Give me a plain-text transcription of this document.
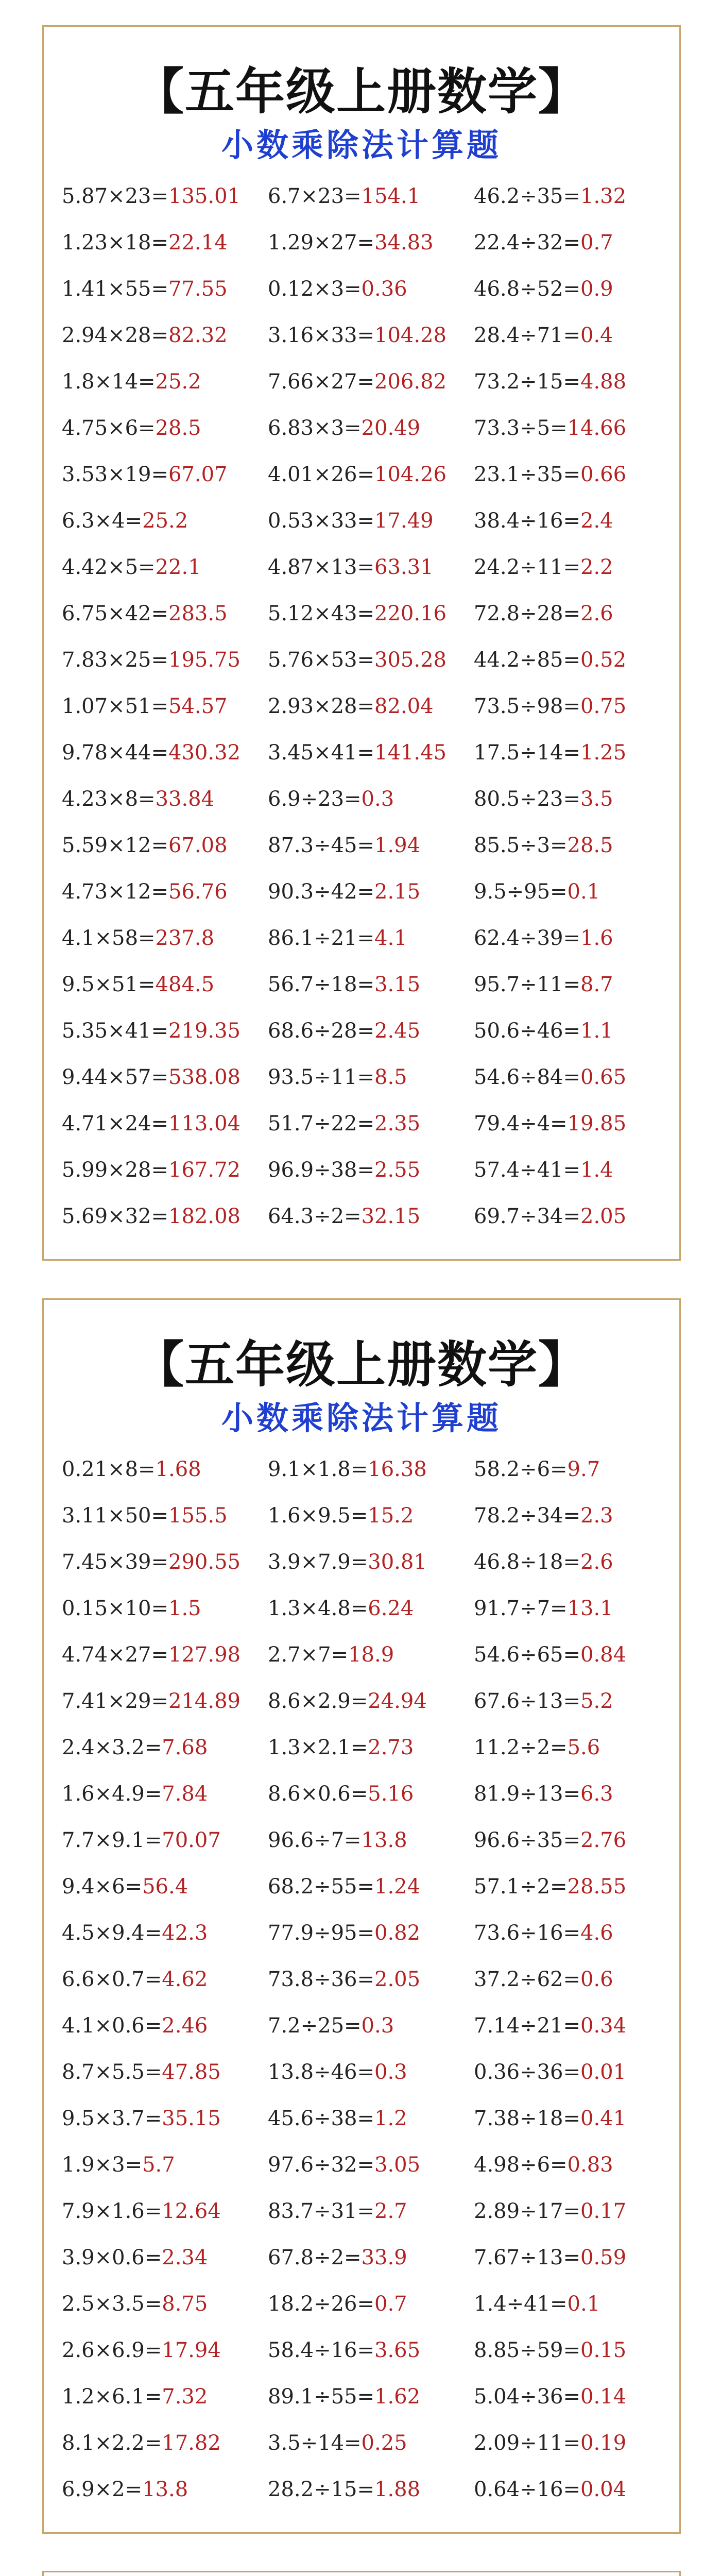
【五年级上册数学】
小数乘除法计算题
5.87×23=135.01
1.23×18=22.14
1.41×55=77.55
2.94×28=82.32
1.8×14=25.2
4.75×6=28.5
3.53×19=67.07
6.3×4=25.2
4.42×5=22.1
6.75×42=283.5
7.83×25=195.75
1.07×51=54.57
9.78×44=430.32
4.23×8=33.84
5.59×12=67.08
4.73×12=56.76
4.1×58=237.8
9.5×51=484.5
5.35×41=219.35
9.44×57=538.08
4.71×24=113.04
5.99×28=167.72
5.69×32=182.08
6.7×23=154.1
1.29×27=34.83
0.12×3=0.36
3.16×33=104.28
7.66×27=206.82
6.83×3=20.49
4.01×26=104.26
0.53×33=17.49
4.87×13=63.31
5.12×43=220.16
5.76×53=305.28
2.93×28=82.04
3.45×41=141.45
6.9÷23=0.3
87.3÷45=1.94
90.3÷42=2.15
86.1÷21=4.1
56.7÷18=3.15
68.6÷28=2.45
93.5÷11=8.5
51.7÷22=2.35
96.9÷38=2.55
64.3÷2=32.15
46.2÷35=1.32
22.4÷32=0.7
46.8÷52=0.9
28.4÷71=0.4
73.2÷15=4.88
73.3÷5=14.66
23.1÷35=0.66
38.4÷16=2.4
24.2÷11=2.2
72.8÷28=2.6
44.2÷85=0.52
73.5÷98=0.75
17.5÷14=1.25
80.5÷23=3.5
85.5÷3=28.5
9.5÷95=0.1
62.4÷39=1.6
95.7÷11=8.7
50.6÷46=1.1
54.6÷84=0.65
79.4÷4=19.85
57.4÷41=1.4
69.7÷34=2.05
【五年级上册数学】
小数乘除法计算题
0.21×8=1.68
3.11×50=155.5
7.45×39=290.55
0.15×10=1.5
4.74×27=127.98
7.41×29=214.89
2.4×3.2=7.68
1.6×4.9=7.84
7.7×9.1=70.07
9.4×6=56.4
4.5×9.4=42.3
6.6×0.7=4.62
4.1×0.6=2.46
8.7×5.5=47.85
9.5×3.7=35.15
1.9×3=5.7
7.9×1.6=12.64
3.9×0.6=2.34
2.5×3.5=8.75
2.6×6.9=17.94
1.2×6.1=7.32
8.1×2.2=17.82
6.9×2=13.8
9.1×1.8=16.38
1.6×9.5=15.2
3.9×7.9=30.81
1.3×4.8=6.24
2.7×7=18.9
8.6×2.9=24.94
1.3×2.1=2.73
8.6×0.6=5.16
96.6÷7=13.8
68.2÷55=1.24
77.9÷95=0.82
73.8÷36=2.05
7.2÷25=0.3
13.8÷46=0.3
45.6÷38=1.2
97.6÷32=3.05
83.7÷31=2.7
67.8÷2=33.9
18.2÷26=0.7
58.4÷16=3.65
89.1÷55=1.62
3.5÷14=0.25
28.2÷15=1.88
58.2÷6=9.7
78.2÷34=2.3
46.8÷18=2.6
91.7÷7=13.1
54.6÷65=0.84
67.6÷13=5.2
11.2÷2=5.6
81.9÷13=6.3
96.6÷35=2.76
57.1÷2=28.55
73.6÷16=4.6
37.2÷62=0.6
7.14÷21=0.34
0.36÷36=0.01
7.38÷18=0.41
4.98÷6=0.83
2.89÷17=0.17
7.67÷13=0.59
1.4÷41=0.1
8.85÷59=0.15
5.04÷36=0.14
2.09÷11=0.19
0.64÷16=0.04
